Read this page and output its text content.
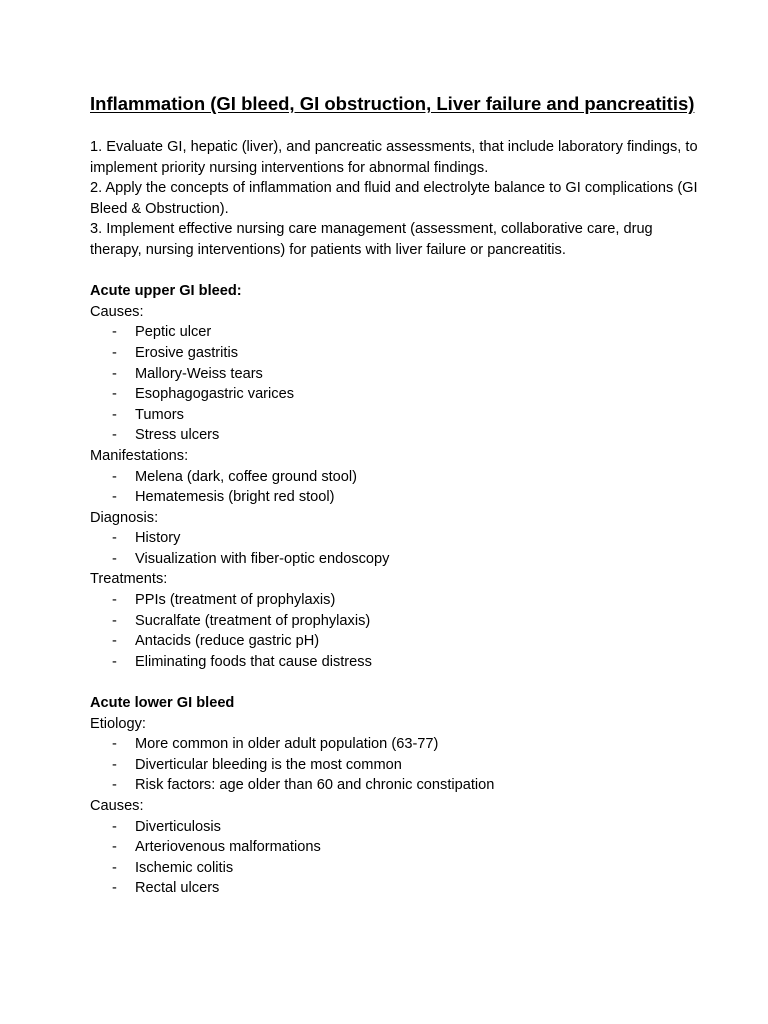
Inflammation (GI bleed, GI obstruction, Liver failure and pancreatitis)

1. Evaluate GI, hepatic (liver), and pancreatic assessments, that include laboratory findings, to implement priority nursing interventions for abnormal findings.

2. Apply the concepts of inflammation and fluid and electrolyte balance to GI complications (GI Bleed & Obstruction).

3. Implement effective nursing care management (assessment, collaborative care, drug therapy, nursing interventions) for patients with liver failure or pancreatitis.

Acute upper GI bleed:

Causes:

- Peptic ulcer
- Erosive gastritis
- Mallory-Weiss tears
- Esophagogastric varices
- Tumors
- Stress ulcers

Manifestations:

- Melena (dark, coffee ground stool)
- Hematemesis (bright red stool)

Diagnosis:

- History
- Visualization with fiber-optic endoscopy

Treatments:

- PPIs (treatment of prophylaxis)
- Sucralfate (treatment of prophylaxis)
- Antacids (reduce gastric pH)
- Eliminating foods that cause distress

Acute lower GI bleed

Etiology:

- More common in older adult population (63-77)
- Diverticular bleeding is the most common
- Risk factors: age older than 60 and chronic constipation

Causes:

- Diverticulosis
- Arteriovenous malformations
- Ischemic colitis
- Rectal ulcers
